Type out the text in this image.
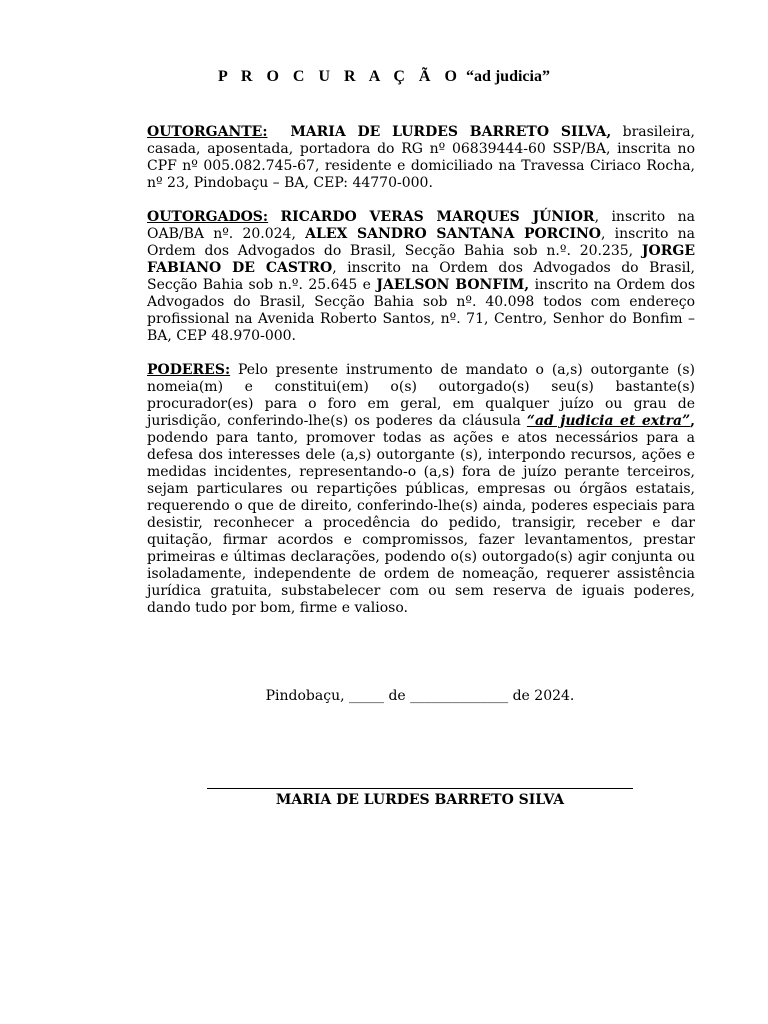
P R O C U R A Ç Ã O “ad judicia”
OUTORGANTE: MARIA DE LURDES BARRETO SILVA, brasileira, casada, aposentada, portadora do RG nº 06839444-60 SSP/BA, inscrita no CPF nº 005.082.745-67, residente e domiciliado na Travessa Ciriaco Rocha, nº 23, Pindobaçu – BA, CEP: 44770-000.
OUTORGADOS: RICARDO VERAS MARQUES JÚNIOR, inscrito na OAB/BA nº. 20.024, ALEX SANDRO SANTANA PORCINO, inscrito na Ordem dos Advogados do Brasil, Secção Bahia sob n.º. 20.235, JORGE FABIANO DE CASTRO, inscrito na Ordem dos Advogados do Brasil, Secção Bahia sob n.º. 25.645 e JAELSON BONFIM, inscrito na Ordem dos Advogados do Brasil, Secção Bahia sob nº. 40.098 todos com endereço profissional na Avenida Roberto Santos, nº. 71, Centro, Senhor do Bonfim – BA, CEP 48.970-000.
PODERES: Pelo presente instrumento de mandato o (a,s) outorgante (s) nomeia(m) e constitui(em) o(s) outorgado(s) seu(s) bastante(s) procurador(es) para o foro em geral, em qualquer juízo ou grau de jurisdição, conferindo-lhe(s) os poderes da cláusula “ad judicia et extra”, podendo para tanto, promover todas as ações e atos necessários para a defesa dos interesses dele (a,s) outorgante (s), interpondo recursos, ações e medidas incidentes, representando-o (a,s) fora de juízo perante terceiros, sejam particulares ou repartições públicas, empresas ou órgãos estatais, requerendo o que de direito, conferindo-lhe(s) ainda, poderes especiais para desistir, reconhecer a procedência do pedido, transigir, receber e dar quitação, firmar acordos e compromissos, fazer levantamentos, prestar primeiras e últimas declarações, podendo o(s) outorgado(s) agir conjunta ou isoladamente, independente de ordem de nomeação, requerer assistência jurídica gratuita, substabelecer com ou sem reserva de iguais poderes, dando tudo por bom, firme e valioso.
Pindobaçu, _____ de ______________ de 2024.
MARIA DE LURDES BARRETO SILVA
